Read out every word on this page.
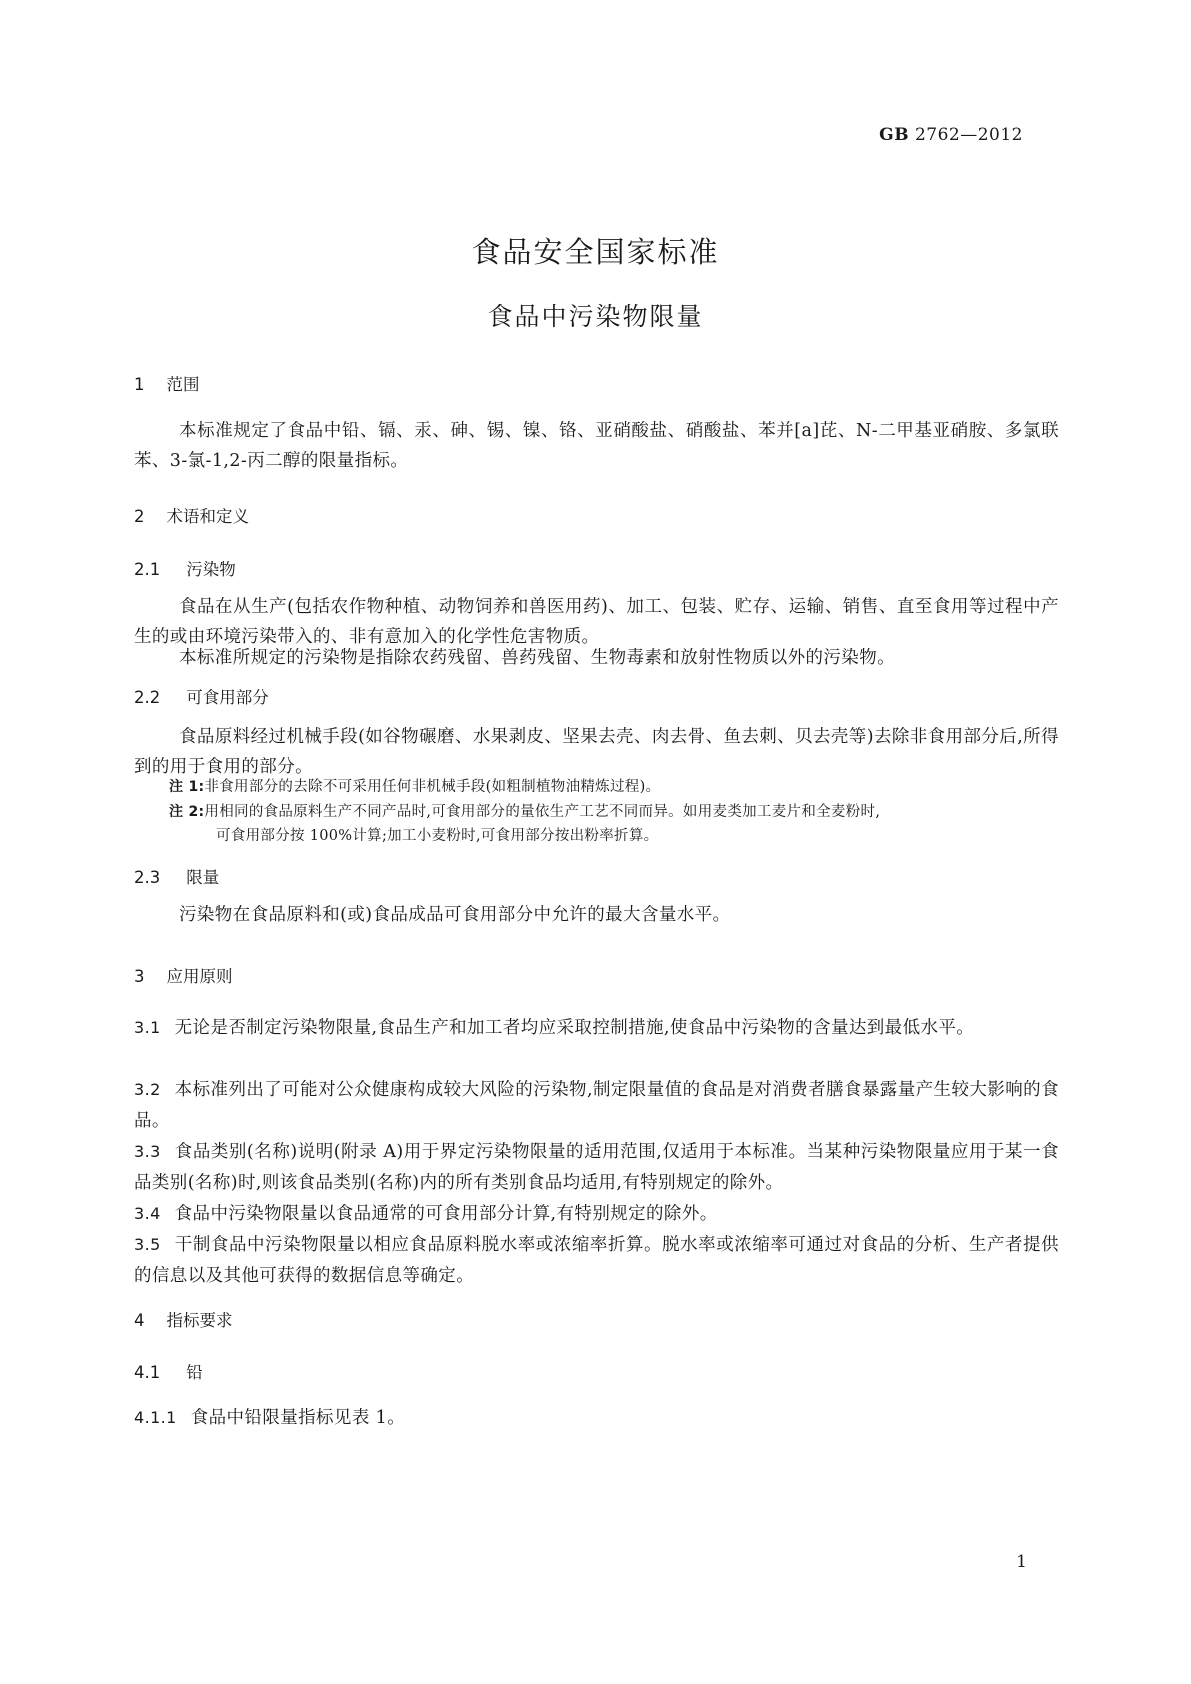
GB 2762—2012
食品安全国家标准
食品中污染物限量
1 范围
本标准规定了食品中铅、镉、汞、砷、锡、镍、铬、亚硝酸盐、硝酸盐、苯并[a]芘、N-二甲基亚硝胺、多氯联苯、3-氯-1,2-丙二醇的限量指标。
2 术语和定义
2.1 污染物
食品在从生产(包括农作物种植、动物饲养和兽医用药)、加工、包装、贮存、运输、销售、直至食用等过程中产生的或由环境污染带入的、非有意加入的化学性危害物质。
本标准所规定的污染物是指除农药残留、兽药残留、生物毒素和放射性物质以外的污染物。
2.2 可食用部分
食品原料经过机械手段(如谷物碾磨、水果剥皮、坚果去壳、肉去骨、鱼去刺、贝去壳等)去除非食用部分后,所得到的用于食用的部分。
注 1:非食用部分的去除不可采用任何非机械手段(如粗制植物油精炼过程)。
注 2:用相同的食品原料生产不同产品时,可食用部分的量依生产工艺不同而异。如用麦类加工麦片和全麦粉时,
可食用部分按 100%计算;加工小麦粉时,可食用部分按出粉率折算。
2.3 限量
污染物在食品原料和(或)食品成品可食用部分中允许的最大含量水平。
3 应用原则
3.1 无论是否制定污染物限量,食品生产和加工者均应采取控制措施,使食品中污染物的含量达到最低水平。
3.2 本标准列出了可能对公众健康构成较大风险的污染物,制定限量值的食品是对消费者膳食暴露量产生较大影响的食品。
3.3 食品类别(名称)说明(附录 A)用于界定污染物限量的适用范围,仅适用于本标准。当某种污染物限量应用于某一食品类别(名称)时,则该食品类别(名称)内的所有类别食品均适用,有特别规定的除外。
3.4 食品中污染物限量以食品通常的可食用部分计算,有特别规定的除外。
3.5 干制食品中污染物限量以相应食品原料脱水率或浓缩率折算。脱水率或浓缩率可通过对食品的分析、生产者提供的信息以及其他可获得的数据信息等确定。
4 指标要求
4.1 铅
4.1.1 食品中铅限量指标见表 1。
1
